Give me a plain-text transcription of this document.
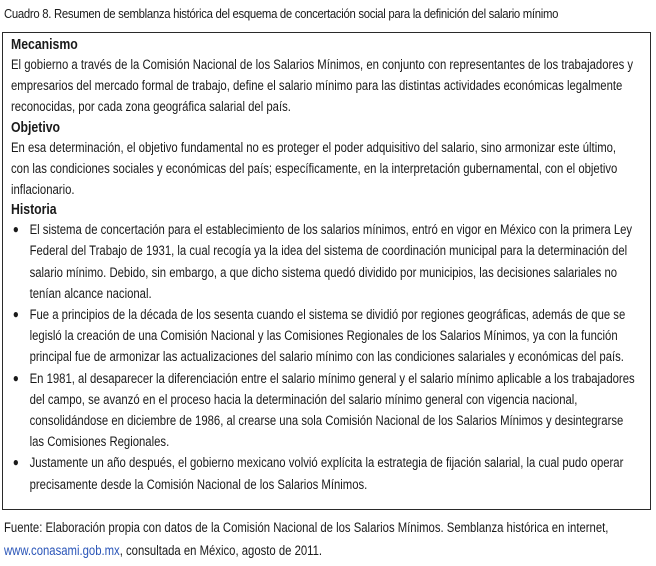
Cuadro 8. Resumen de semblanza histórica del esquema de concertación social para la definición del salario mínimo

Mecanismo

El gobierno a través de la Comisión Nacional de los Salarios Mínimos, en conjunto con representantes de los trabajadores y empresarios del mercado formal de trabajo, define el salario mínimo para las distintas actividades económicas legalmente reconocidas, por cada zona geográfica salarial del país.

Objetivo

En esa determinación, el objetivo fundamental no es proteger el poder adquisitivo del salario, sino armonizar este último, con las condiciones sociales y económicas del país; específicamente, en la interpretación gubernamental, con el objetivo inflacionario.

Historia

● El sistema de concertación para el establecimiento de los salarios mínimos, entró en vigor en México con la primera Ley Federal del Trabajo de 1931, la cual recogía ya la idea del sistema de coordinación municipal para la determinación del salario mínimo. Debido, sin embargo, a que dicho sistema quedó dividido por municipios, las decisiones salariales no tenían alcance nacional.
● Fue a principios de la década de los sesenta cuando el sistema se dividió por regiones geográficas, además de que se legisló la creación de una Comisión Nacional y las Comisiones Regionales de los Salarios Mínimos, ya con la función principal fue de armonizar las actualizaciones del salario mínimo con las condiciones salariales y económicas del país.
● En 1981, al desaparecer la diferenciación entre el salario mínimo general y el salario mínimo aplicable a los trabajadores del campo, se avanzó en el proceso hacia la determinación del salario mínimo general con vigencia nacional, consolidándose en diciembre de 1986, al crearse una sola Comisión Nacional de los Salarios Mínimos y desintegrarse las Comisiones Regionales.
● Justamente un año después, el gobierno mexicano volvió explícita la estrategia de fijación salarial, la cual pudo operar precisamente desde la Comisión Nacional de los Salarios Mínimos.
Fuente: Elaboración propia con datos de la Comisión Nacional de los Salarios Mínimos. Semblanza histórica en internet, www.conasami.gob.mx, consultada en México, agosto de 2011.
